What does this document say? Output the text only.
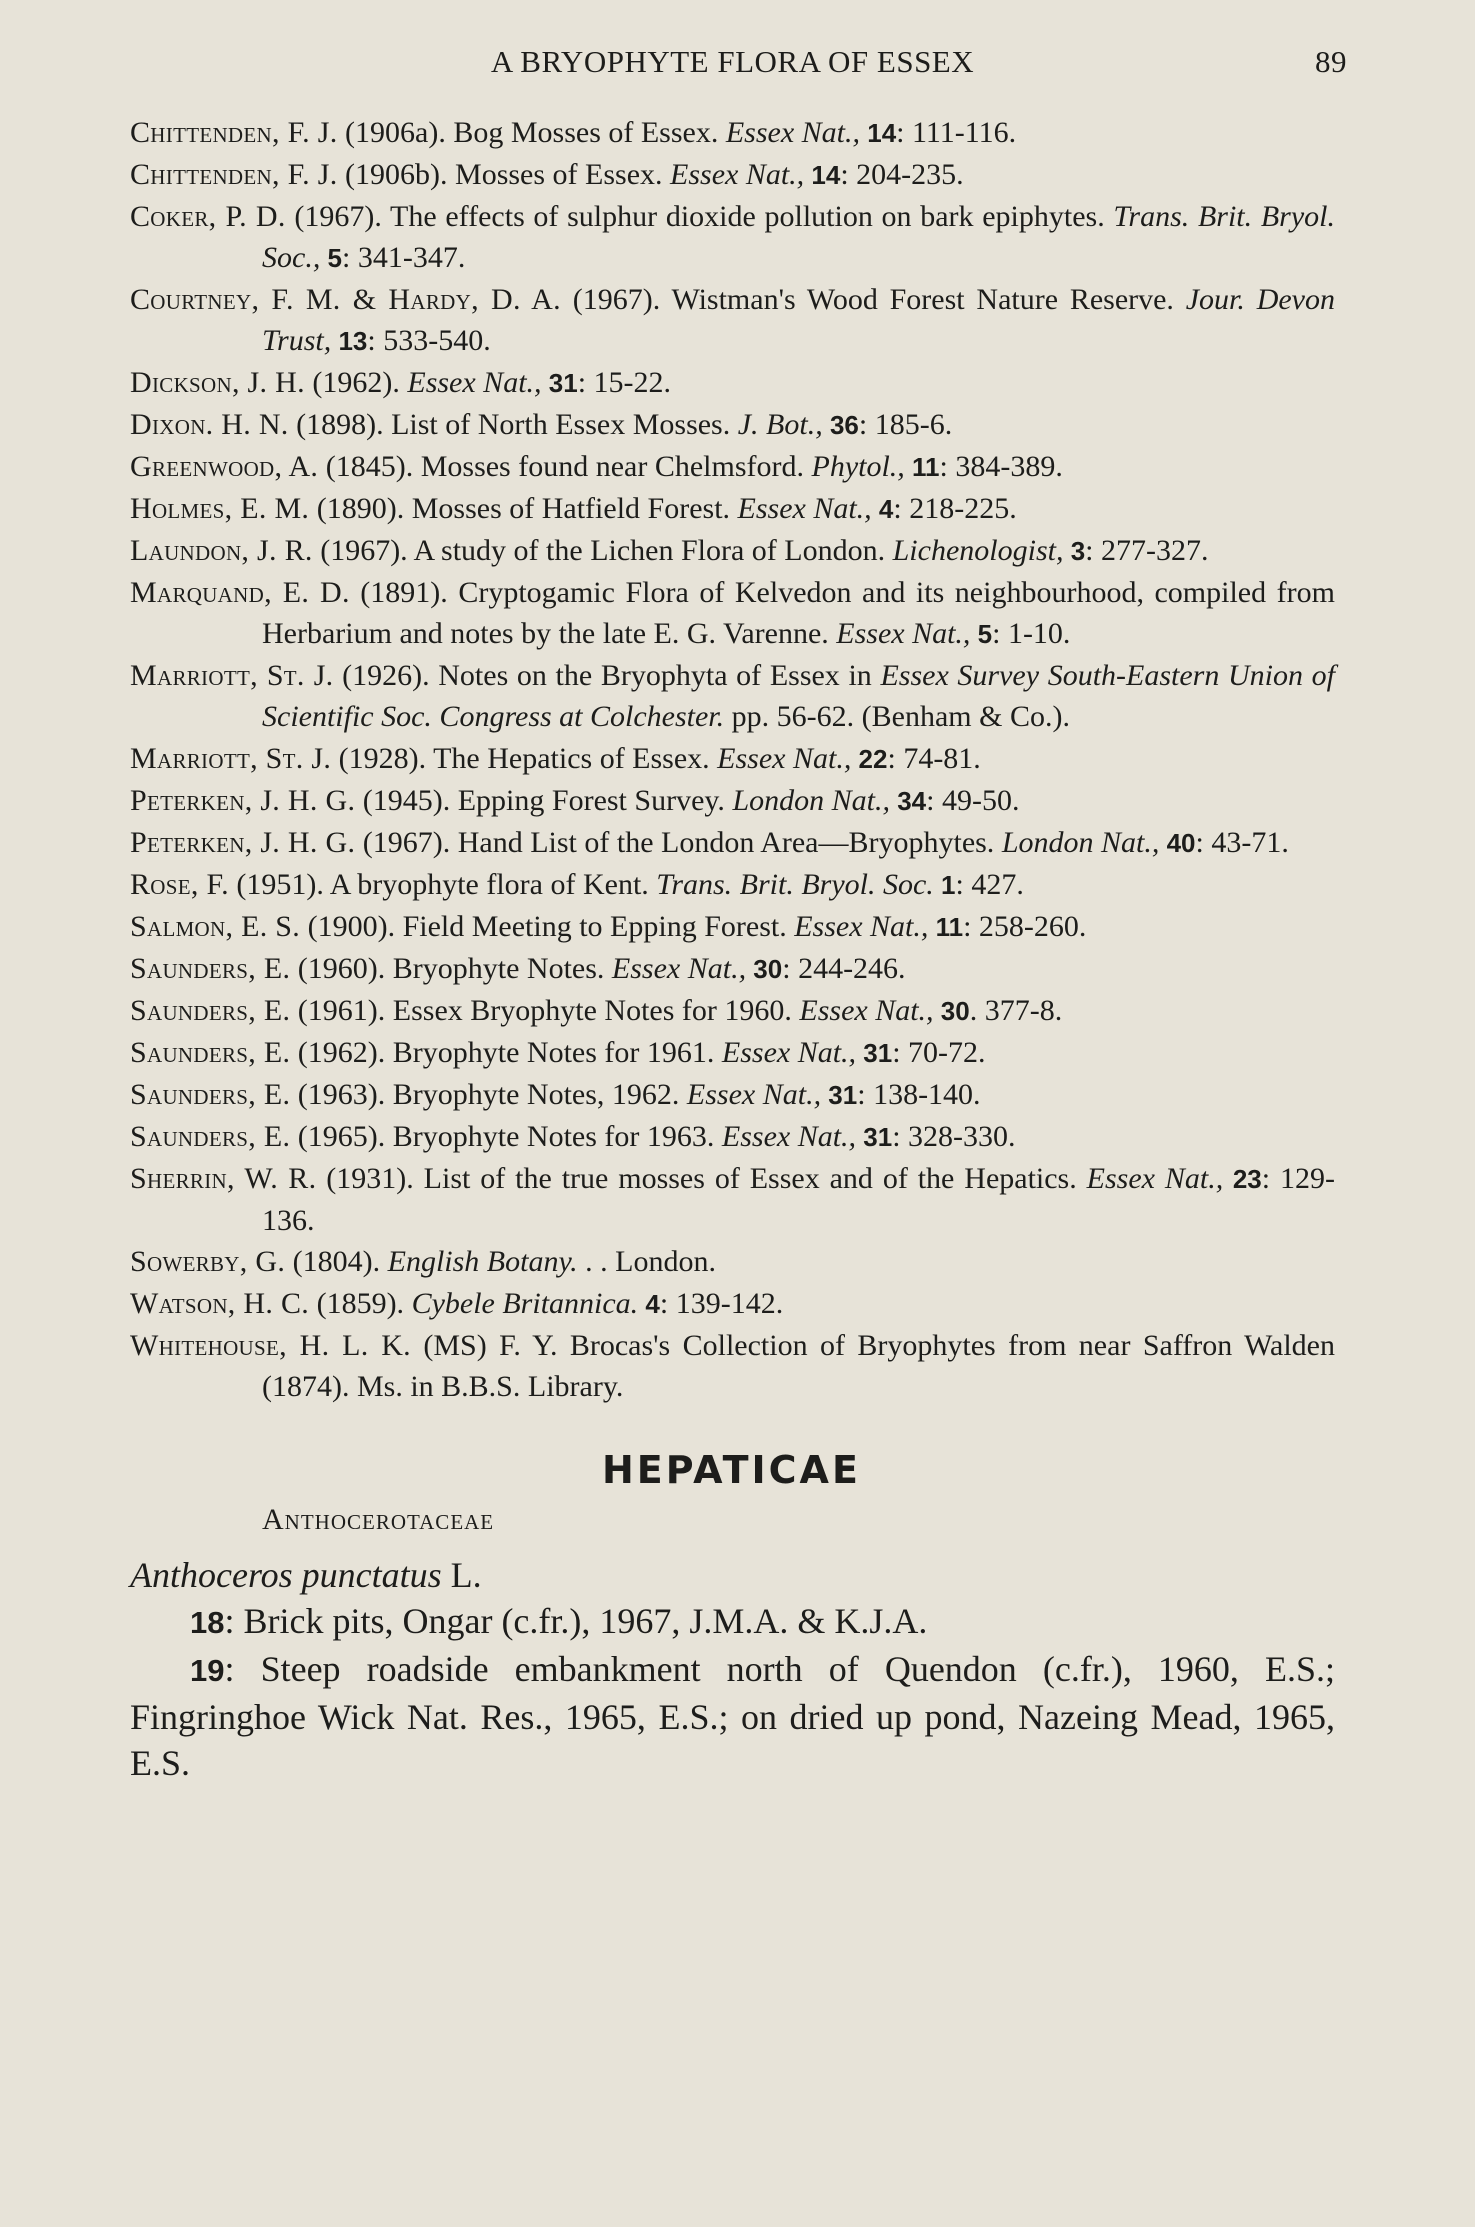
A BRYOPHYTE FLORA OF ESSEX	89
Chittenden, F. J. (1906a). Bog Mosses of Essex. Essex Nat., 14: 111-116.
Chittenden, F. J. (1906b). Mosses of Essex. Essex Nat., 14: 204-235.
Coker, P. D. (1967). The effects of sulphur dioxide pollution on bark epiphytes. Trans. Brit. Bryol. Soc., 5: 341-347.
Courtney, F. M. & Hardy, D. A. (1967). Wistman's Wood Forest Nature Reserve. Jour. Devon Trust, 13: 533-540.
Dickson, J. H. (1962). Essex Nat., 31: 15-22.
Dixon. H. N. (1898). List of North Essex Mosses. J. Bot., 36: 185-6.
Greenwood, A. (1845). Mosses found near Chelmsford. Phytol., 11: 384-389.
Holmes, E. M. (1890). Mosses of Hatfield Forest. Essex Nat., 4: 218-225.
Laundon, J. R. (1967). A study of the Lichen Flora of London. Lichenologist, 3: 277-327.
Marquand, E. D. (1891). Cryptogamic Flora of Kelvedon and its neighbourhood, compiled from Herbarium and notes by the late E. G. Varenne. Essex Nat., 5: 1-10.
Marriott, St. J. (1926). Notes on the Bryophyta of Essex in Essex Survey South-Eastern Union of Scientific Soc. Congress at Colchester. pp. 56-62. (Benham & Co.).
Marriott, St. J. (1928). The Hepatics of Essex. Essex Nat., 22: 74-81.
Peterken, J. H. G. (1945). Epping Forest Survey. London Nat., 34: 49-50.
Peterken, J. H. G. (1967). Hand List of the London Area—Bryophytes. London Nat., 40: 43-71.
Rose, F. (1951). A bryophyte flora of Kent. Trans. Brit. Bryol. Soc. 1: 427.
Salmon, E. S. (1900). Field Meeting to Epping Forest. Essex Nat., 11: 258-260.
Saunders, E. (1960). Bryophyte Notes. Essex Nat., 30: 244-246.
Saunders, E. (1961). Essex Bryophyte Notes for 1960. Essex Nat., 30. 377-8.
Saunders, E. (1962). Bryophyte Notes for 1961. Essex Nat., 31: 70-72.
Saunders, E. (1963). Bryophyte Notes, 1962. Essex Nat., 31: 138-140.
Saunders, E. (1965). Bryophyte Notes for 1963. Essex Nat., 31: 328-330.
Sherrin, W. R. (1931). List of the true mosses of Essex and of the Hepatics. Essex Nat., 23: 129-136.
Sowerby, G. (1804). English Botany. . . London.
Watson, H. C. (1859). Cybele Britannica. 4: 139-142.
Whitehouse, H. L. K. (MS) F. Y. Brocas's Collection of Bryophytes from near Saffron Walden (1874). Ms. in B.B.S. Library.
HEPATICAE
Anthocerotaceae
Anthoceros punctatus L.
18: Brick pits, Ongar (c.fr.), 1967, J.M.A. & K.J.A.
19: Steep roadside embankment north of Quendon (c.fr.), 1960, E.S.; Fingringhoe Wick Nat. Res., 1965, E.S.; on dried up pond, Nazeing Mead, 1965, E.S.
